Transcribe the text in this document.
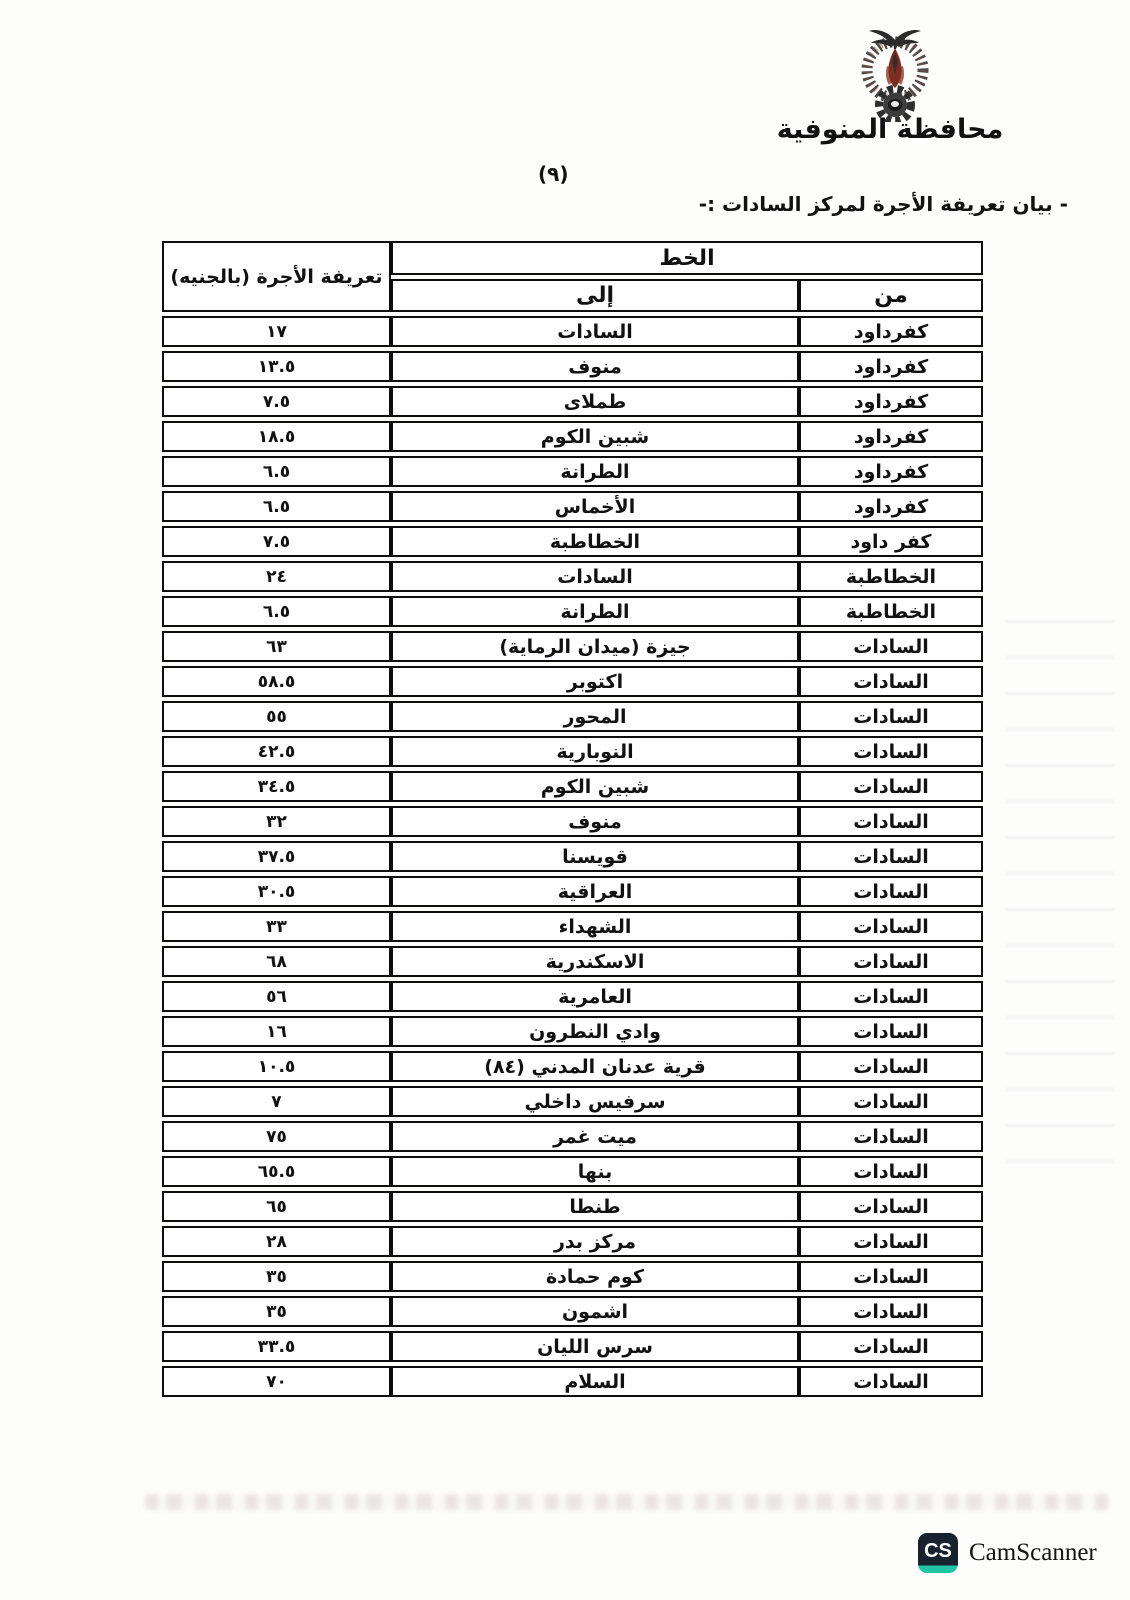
محافظة المنوفية
(٩)
- بيان تعريفة الأجرة لمركز السادات :-
الخط		تعريفة الأجرة (بالجنيه)
من	إلى	
كفرداود	السادات	١٧
كفرداود	منوف	١٣.٥
كفرداود	طملاى	٧.٥
كفرداود	شبين الكوم	١٨.٥
كفرداود	الطرانة	٦.٥
كفرداود	الأخماس	٦.٥
كفر داود	الخطاطبة	٧.٥
الخطاطبة	السادات	٢٤
الخطاطبة	الطرانة	٦.٥
السادات	جيزة (ميدان الرماية)	٦٣
السادات	اكتوبر	٥٨.٥
السادات	المحور	٥٥
السادات	النوبارية	٤٢.٥
السادات	شبين الكوم	٣٤.٥
السادات	منوف	٣٢
السادات	قويسنا	٣٧.٥
السادات	العراقية	٣٠.٥
السادات	الشهداء	٣٣
السادات	الاسكندرية	٦٨
السادات	العامرية	٥٦
السادات	وادي النطرون	١٦
السادات	قرية عدنان المدني (٨٤)	١٠.٥
السادات	سرفيس داخلي	٧
السادات	ميت غمر	٧٥
السادات	بنها	٦٥.٥
السادات	طنطا	٦٥
السادات	مركز بدر	٢٨
السادات	كوم حمادة	٣٥
السادات	اشمون	٣٥
السادات	سرس الليان	٣٣.٥
السادات	السلام	٧٠
CS CamScanner
